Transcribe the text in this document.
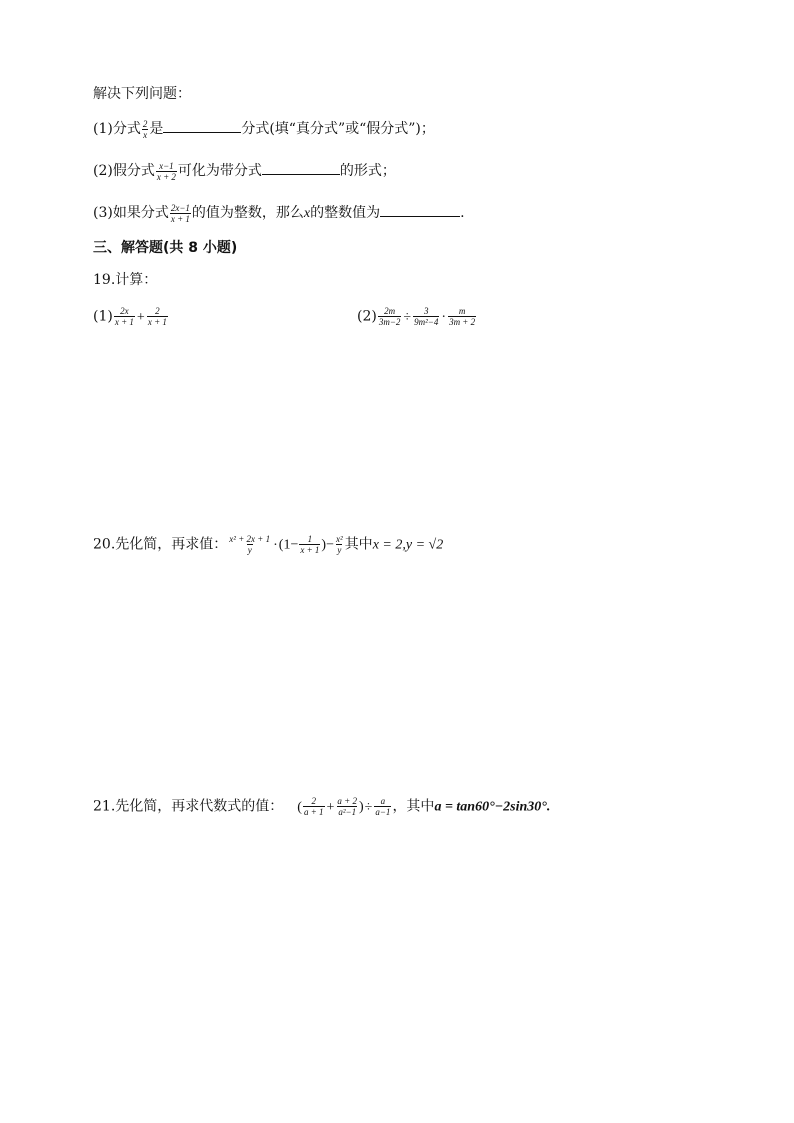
解决下列问题：
(1)分式 $\frac{2}{x}$ 是	分式(填“真分式”或“假分式”)；
(2)假分式 $\frac{x-1}{x + 2}$ 可化为带分式	的形式；
(3)如果分式 $\frac{2x-1}{x + 1}$ 的值为整数，那么x的整数值为	.
三、解答题(共 8 小题)
19.计算：
$(1) \frac{2x}{x + 1} + \frac{2}{x + 1}$	$(2) \frac{2m}{3m-2} \div \frac{3}{\text{9m²−4}} \cdot \frac{m}{3m + 2}$
20.先化简，再求值： $\frac{\text{x² + 2x + 1}}{y} \cdot(1- \frac{1}{x + 1}$ )− $\frac{\text{x²}}{y}$ 其中x = 2,y = √2
21.先化简，再求代数式的值： ( $\frac{2}{a + 1} + \frac{a + 2}{\text{a²−1}}$ )÷ $\frac{a}{a-1}$ ，其中a = tan60°−2sin30°.
